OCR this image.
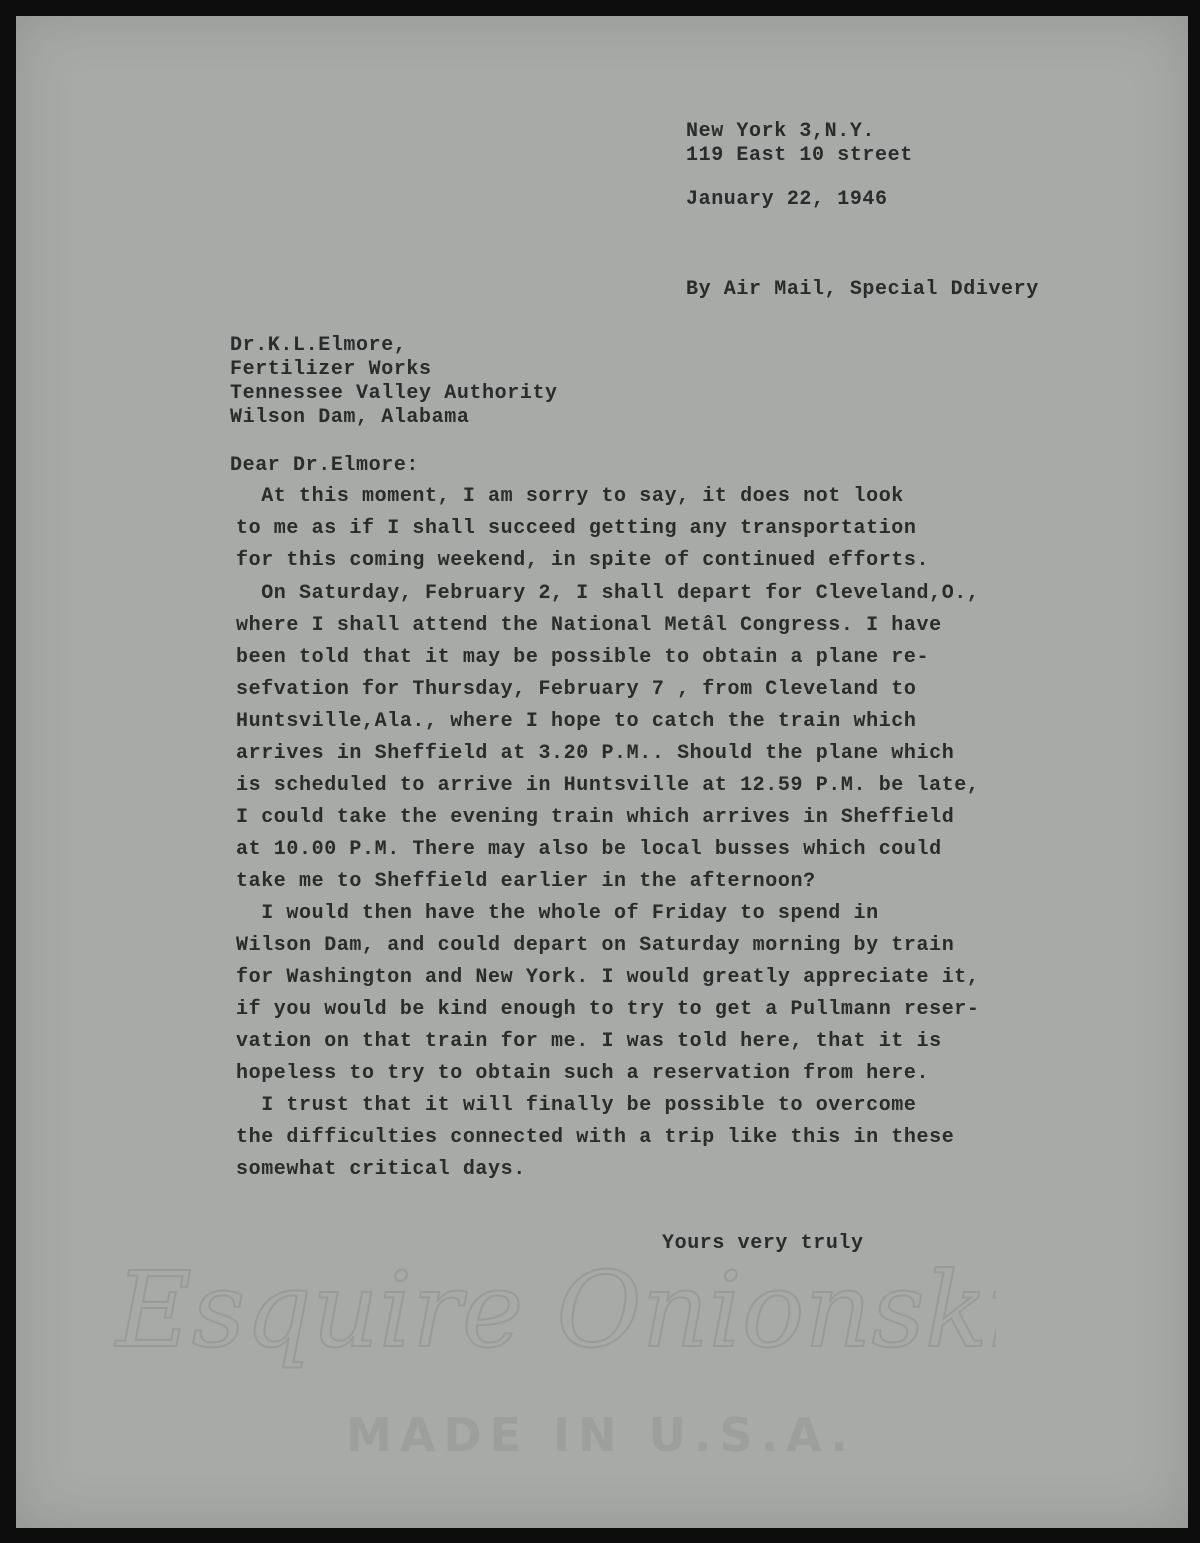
New York 3,N.Y.
119 East 10 street
January 22, 1946
By Air Mail, Special Ddivery
Dr.K.L.Elmore,
Fertilizer Works
Tennessee Valley Authority
Wilson Dam, Alabama
Dear Dr.Elmore:
At this moment, I am sorry to say, it does not look
to me as if I shall succeed getting any transportation
for this coming weekend, in spite of continued efforts.
On Saturday, February 2, I shall depart for Cleveland,O.,
where I shall attend the National Metâl Congress. I have
been told that it may be possible to obtain a plane re-
sefvation for Thursday, February 7 , from Cleveland to
Huntsville,Ala., where I hope to catch the train which
arrives in Sheffield at 3.20 P.M.. Should the plane which
is scheduled to arrive in Huntsville at 12.59 P.M. be late,
I could take the evening train which arrives in Sheffield
at 10.00 P.M. There may also be local busses which could
take me to Sheffield earlier in the afternoon?
I would then have the whole of Friday to spend in
Wilson Dam, and could depart on Saturday morning by train
for Washington and New York. I would greatly appreciate it,
if you would be kind enough to try to get a Pullmann reser-
vation on that train for me. I was told here, that it is
hopeless to try to obtain such a reservation from here.
I trust that it will finally be possible to overcome
the difficulties connected with a trip like this in these
somewhat critical days.
Yours very truly
Esquire Onionskin
MADE IN U.S.A.
